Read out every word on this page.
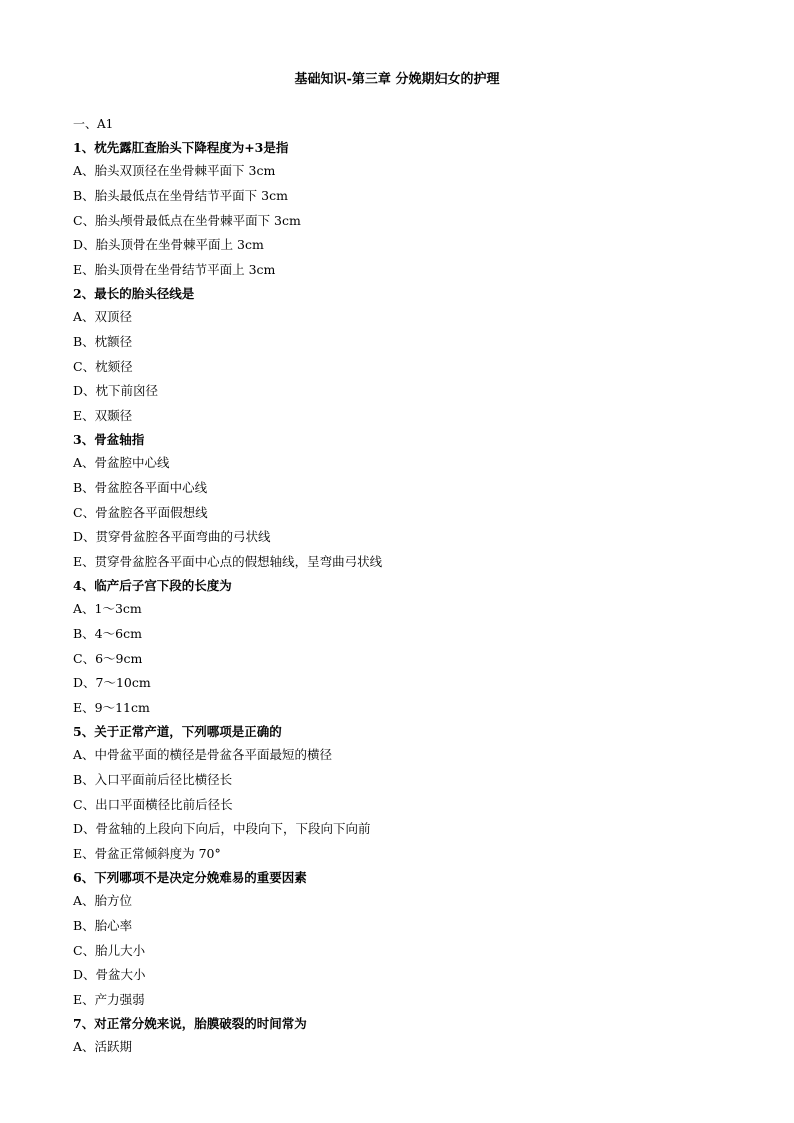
基础知识-第三章 分娩期妇女的护理
一、A1
1、枕先露肛查胎头下降程度为+3是指
A、胎头双顶径在坐骨棘平面下 3cm
B、胎头最低点在坐骨结节平面下 3cm
C、胎头颅骨最低点在坐骨棘平面下 3cm
D、胎头顶骨在坐骨棘平面上 3cm
E、胎头顶骨在坐骨结节平面上 3cm
2、最长的胎头径线是
A、双顶径
B、枕额径
C、枕颏径
D、枕下前囟径
E、双颞径
3、骨盆轴指
A、骨盆腔中心线
B、骨盆腔各平面中心线
C、骨盆腔各平面假想线
D、贯穿骨盆腔各平面弯曲的弓状线
E、贯穿骨盆腔各平面中心点的假想轴线，呈弯曲弓状线
4、临产后子宫下段的长度为
A、1～3cm
B、4～6cm
C、6～9cm
D、7～10cm
E、9～11cm
5、关于正常产道，下列哪项是正确的
A、中骨盆平面的横径是骨盆各平面最短的横径
B、入口平面前后径比横径长
C、出口平面横径比前后径长
D、骨盆轴的上段向下向后，中段向下，下段向下向前
E、骨盆正常倾斜度为 70°
6、下列哪项不是决定分娩难易的重要因素
A、胎方位
B、胎心率
C、胎儿大小
D、骨盆大小
E、产力强弱
7、对正常分娩来说，胎膜破裂的时间常为
A、活跃期
